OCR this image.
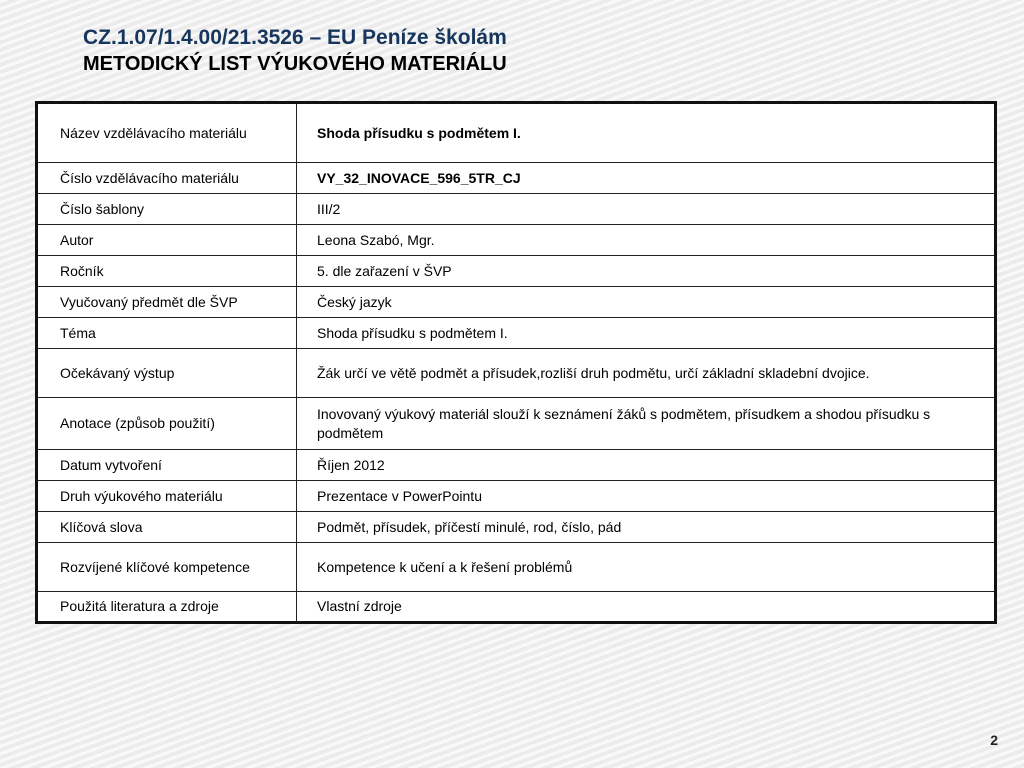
CZ.1.07/1.4.00/21.3526 – EU Peníze školám
METODICKÝ LIST VÝUKOVÉHO MATERIÁLU
Název vzdělávacího materiálu	Shoda přísudku s podmětem I.
Číslo vzdělávacího materiálu	VY_32_INOVACE_596_5TR_CJ
Číslo šablony	III/2
Autor	Leona Szabó, Mgr.
Ročník	5. dle zařazení v ŠVP
Vyučovaný předmět dle ŠVP	Český jazyk
Téma	Shoda přísudku s podmětem I.
Očekávaný výstup	Žák určí ve větě podmět a přísudek,rozliší druh podmětu, určí základní skladební dvojice.
Anotace (způsob použití)	Inovovaný výukový materiál slouží k seznámení žáků s podmětem, přísudkem a shodou přísudku s podmětem
Datum vytvoření	Říjen 2012
Druh výukového materiálu	Prezentace v PowerPointu
Klíčová slova	Podmět, přísudek, příčestí minulé, rod, číslo, pád
Rozvíjené klíčové kompetence	Kompetence k učení a k řešení problémů
Použitá literatura a zdroje	Vlastní zdroje
2
